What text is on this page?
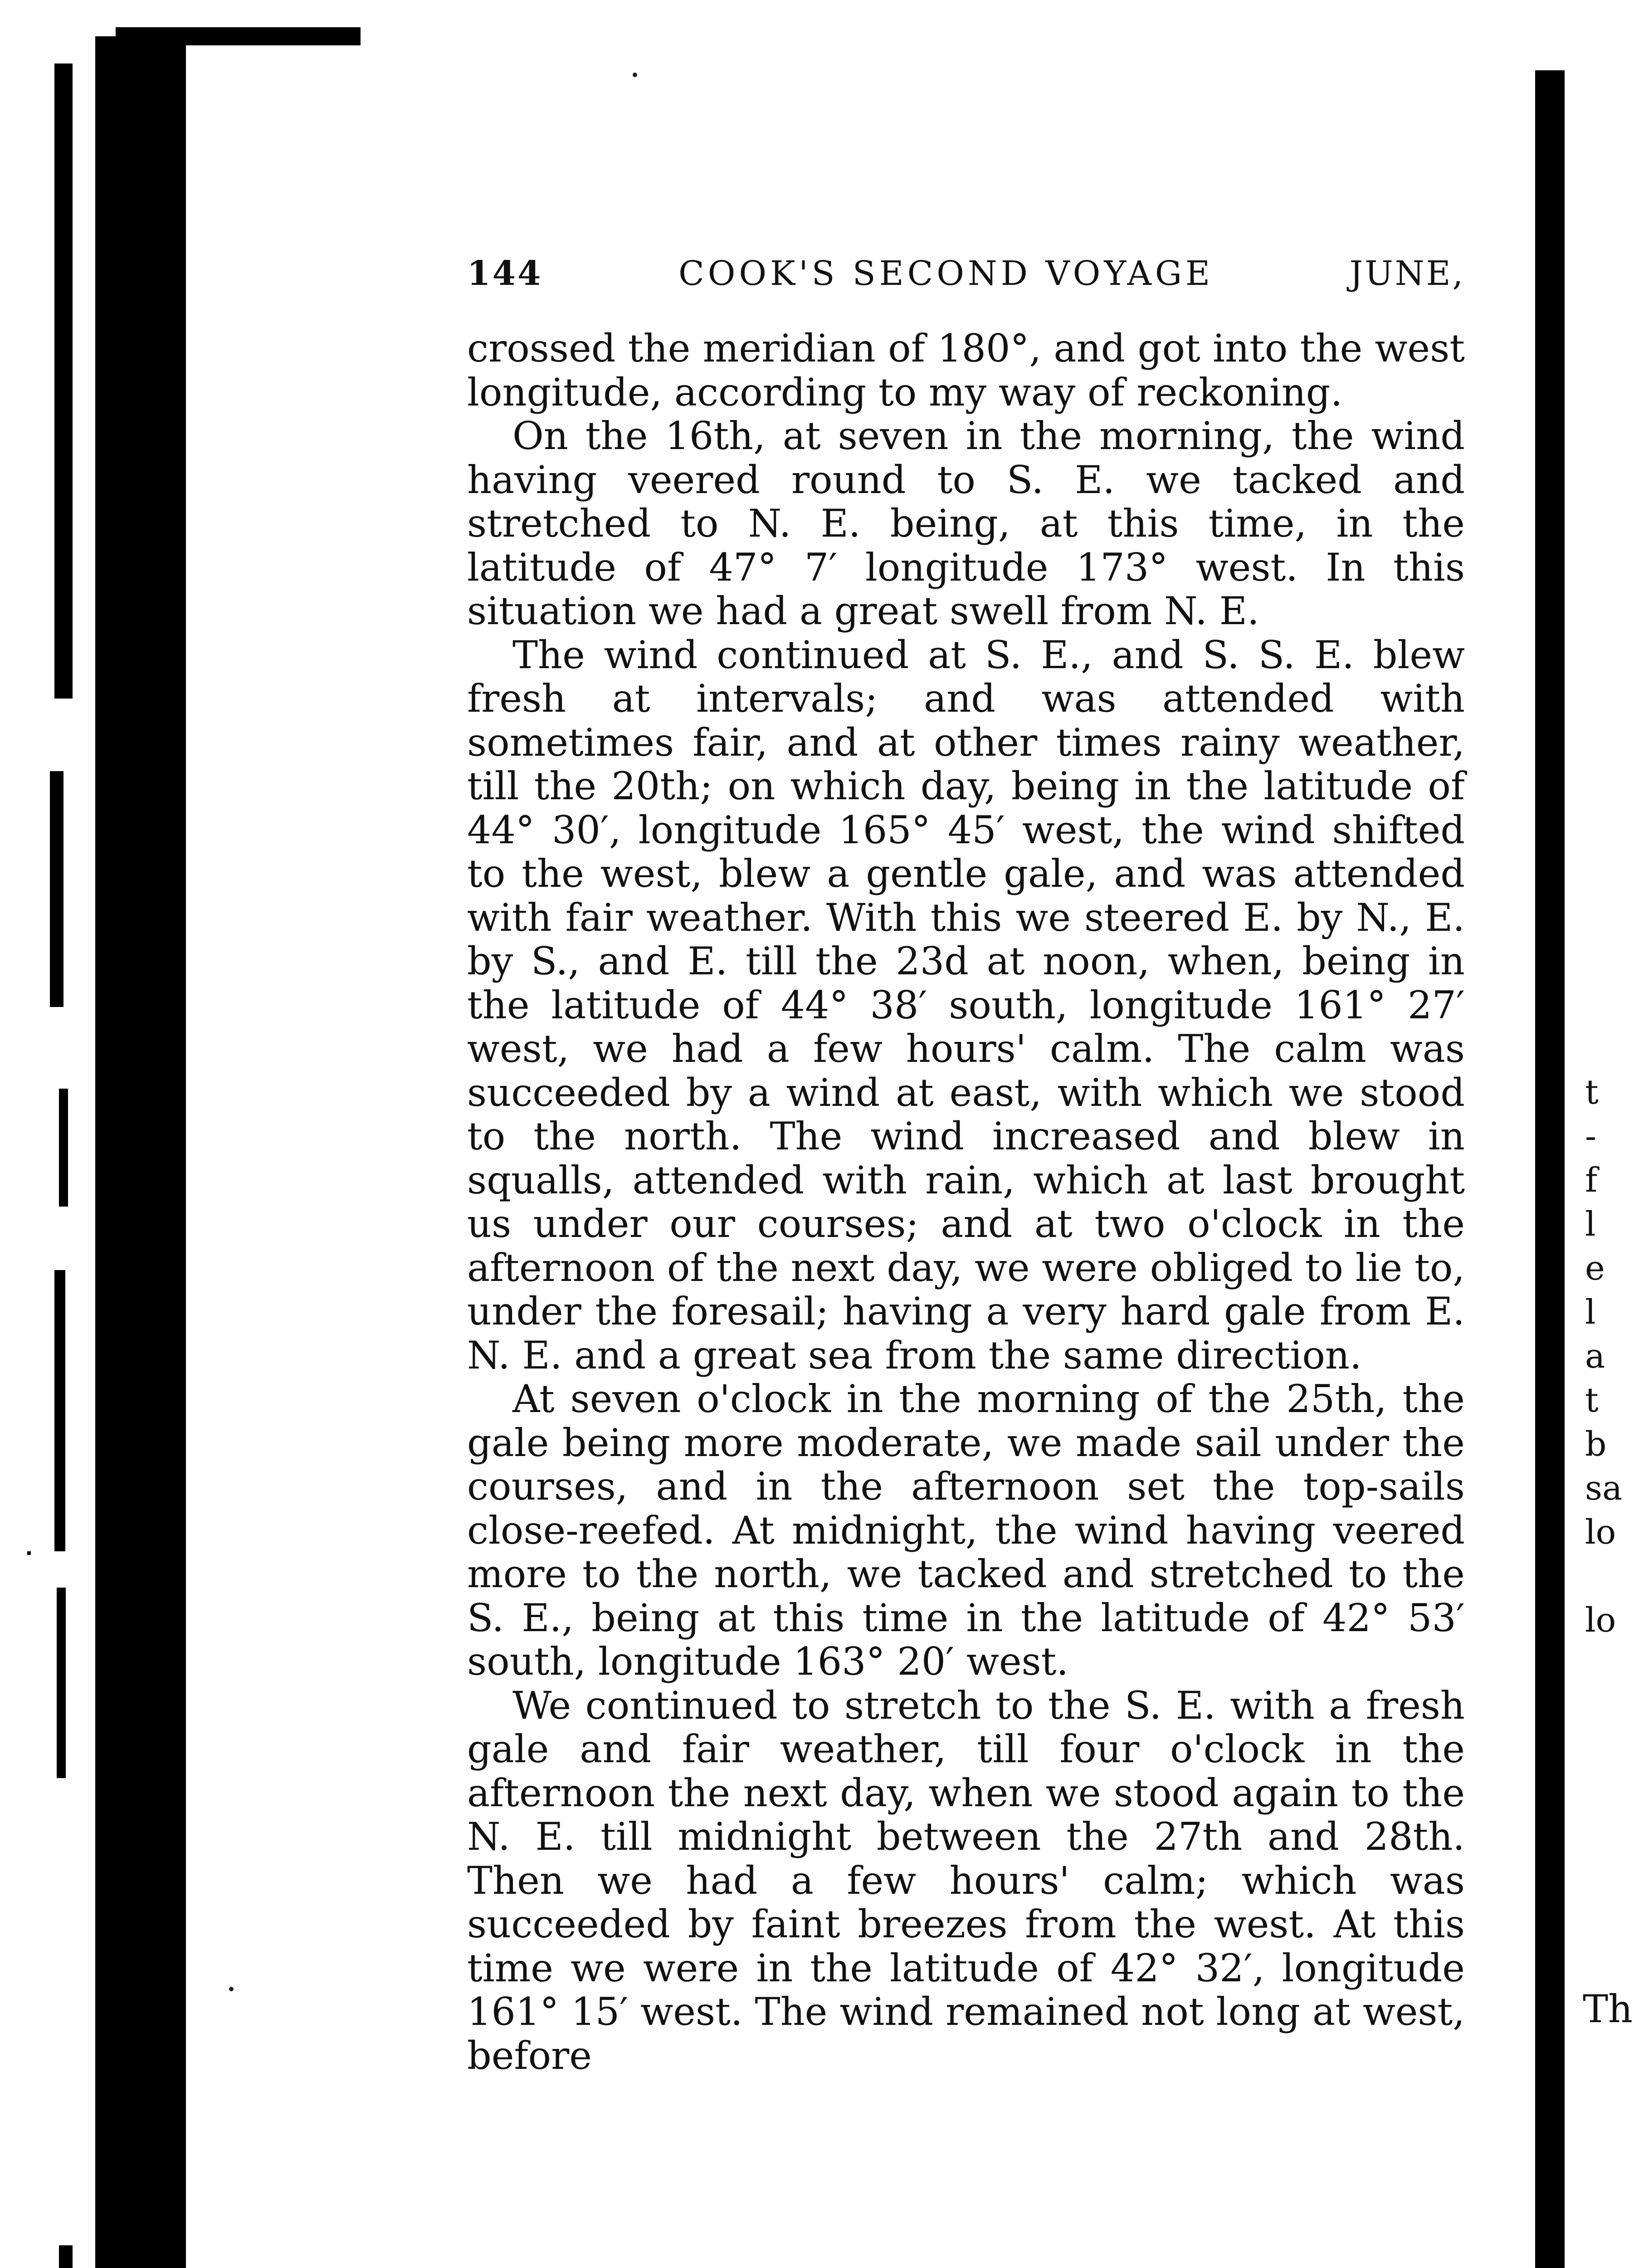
144	COOK'S SECOND VOYAGE	JUNE,

crossed the meridian of 180°, and got into the west longitude, according to my way of reckoning.

On the 16th, at seven in the morning, the wind having veered round to S. E. we tacked and stretched to N. E. being, at this time, in the latitude of 47° 7′ longitude 173° west. In this situation we had a great swell from N. E.

The wind continued at S. E., and S. S. E. blew fresh at intervals; and was attended with sometimes fair, and at other times rainy weather, till the 20th; on which day, being in the latitude of 44° 30′, longitude 165° 45′ west, the wind shifted to the west, blew a gentle gale, and was attended with fair weather. With this we steered E. by N., E. by S., and E. till the 23d at noon, when, being in the latitude of 44° 38′ south, longitude 161° 27′ west, we had a few hours' calm. The calm was succeeded by a wind at east, with which we stood to the north. The wind increased and blew in squalls, attended with rain, which at last brought us under our courses; and at two o'clock in the afternoon of the next day, we were obliged to lie to, under the foresail; having a very hard gale from E. N. E. and a great sea from the same direction.

At seven o'clock in the morning of the 25th, the gale being more moderate, we made sail under the courses, and in the afternoon set the top-sails close-reefed. At midnight, the wind having veered more to the north, we tacked and stretched to the S. E., being at this time in the latitude of 42° 53′ south, longitude 163° 20′ west.

We continued to stretch to the S. E. with a fresh gale and fair weather, till four o'clock in the afternoon the next day, when we stood again to the N. E. till midnight between the 27th and 28th. Then we had a few hours' calm; which was succeeded by faint breezes from the west. At this time we were in the latitude of 42° 32′, longitude 161° 15′ west. The wind remained not long at west, before

t
-
f
l
e
l
a
t
b
sa
lo

lo
Th
